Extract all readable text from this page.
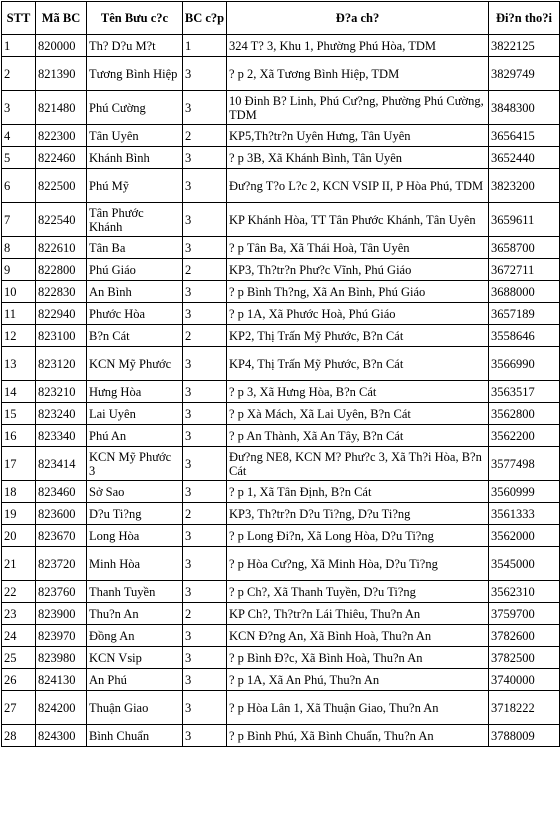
STT	Mã BC	Tên Bưu c?c	BC c?p	Đ?a ch?	Đi?n tho?i
1	820000	Th? D?u M?t	1	324 T? 3, Khu 1, Phường Phú Hòa, TDM	3822125
2	821390	Tương Bình Hiệp	3	? p 2, Xã Tương Bình Hiệp, TDM	3829749
3	821480	Phú Cường	3	10 Đinh B? Linh, Phú Cư?ng, Phường Phú Cường, TDM	3848300
4	822300	Tân Uyên	2	KP5,Th?tr?n Uyên Hưng, Tân Uyên	3656415
5	822460	Khánh Bình	3	? p 3B, Xã Khánh Bình, Tân Uyên	3652440
6	822500	Phú Mỹ	3	Đư?ng T?o L?c 2, KCN VSIP II, P Hòa Phú, TDM	3823200
7	822540	Tân Phước Khánh	3	KP Khánh Hòa, TT Tân Phước Khánh, Tân Uyên	3659611
8	822610	Tân Ba	3	? p Tân Ba, Xã Thái Hoà, Tân Uyên	3658700
9	822800	Phú Giáo	2	KP3, Th?tr?n Phư?c Vĩnh, Phú Giáo	3672711
10	822830	An Bình	3	? p Bình Th?ng, Xã An Bình, Phú Giáo	3688000
11	822940	Phước Hòa	3	? p 1A, Xã Phước Hoà, Phú Giáo	3657189
12	823100	B?n Cát	2	KP2, Thị Trấn Mỹ Phước, B?n Cát	3558646
13	823120	KCN Mỹ Phước	3	KP4, Thị Trấn Mỹ Phước, B?n Cát	3566990
14	823210	Hưng Hòa	3	? p 3, Xã Hưng Hòa, B?n Cát	3563517
15	823240	Lai Uyên	3	? p Xà Mách, Xã Lai Uyên, B?n Cát	3562800
16	823340	Phú An	3	? p An Thành, Xã An Tây, B?n Cát	3562200
17	823414	KCN Mỹ Phước 3	3	Đư?ng NE8, KCN M? Phư?c 3, Xã Th?i Hòa, B?n Cát	3577498
18	823460	Sở Sao	3	? p 1, Xã Tân Định, B?n Cát	3560999
19	823600	D?u Ti?ng	2	KP3, Th?tr?n D?u Ti?ng, D?u Ti?ng	3561333
20	823670	Long Hòa	3	? p Long Đi?n, Xã Long Hòa, D?u Ti?ng	3562000
21	823720	Minh Hòa	3	? p Hòa Cư?ng, Xã Minh Hòa, D?u Ti?ng	3545000
22	823760	Thanh Tuyền	3	? p Ch?, Xã Thanh Tuyền, D?u Ti?ng	3562310
23	823900	Thu?n An	2	KP Ch?, Th?tr?n Lái Thiêu, Thu?n An	3759700
24	823970	Đồng An	3	KCN Đ?ng An, Xã Bình Hoà, Thu?n An	3782600
25	823980	KCN Vsip	3	? p Bình Đ?c, Xã Bình Hoà, Thu?n An	3782500
26	824130	An Phú	3	? p 1A, Xã An Phú, Thu?n An	3740000
27	824200	Thuận Giao	3	? p Hòa Lân 1, Xã Thuận Giao, Thu?n An	3718222
28	824300	Bình Chuẩn	3	? p Bình Phú, Xã Bình Chuẩn, Thu?n An	3788009
